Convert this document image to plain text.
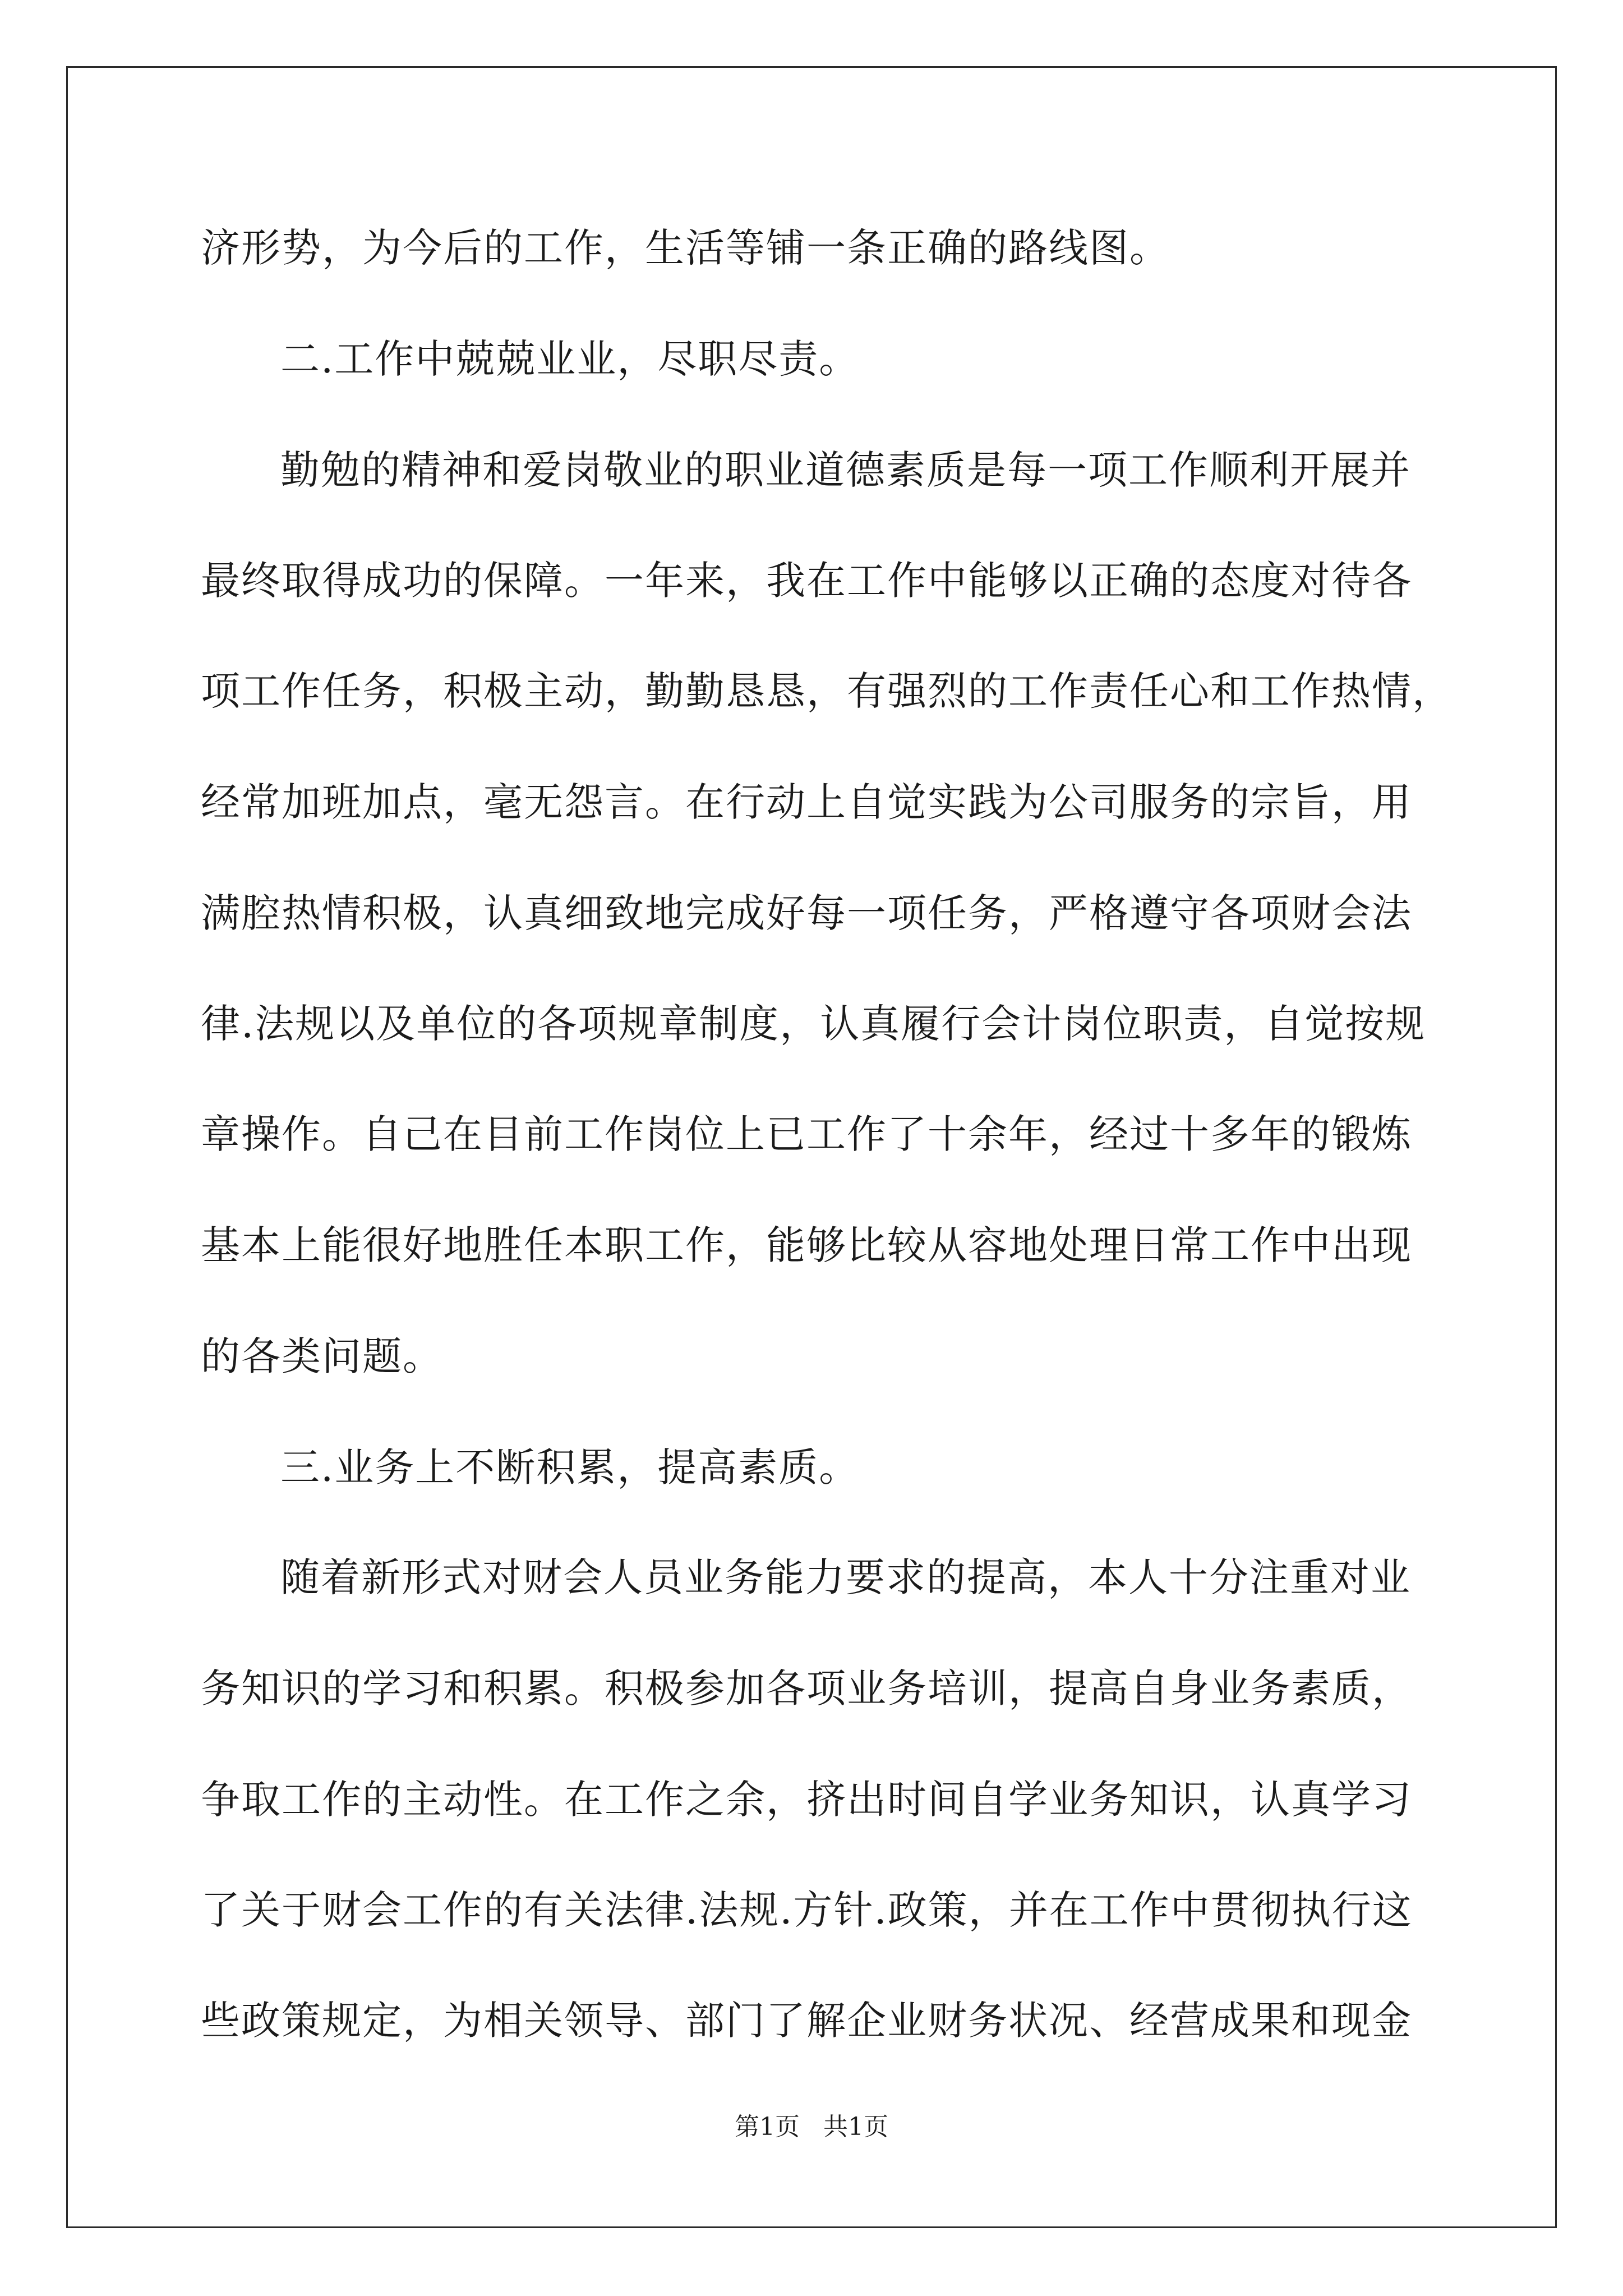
济形势，为今后的工作，生活等铺一条正确的路线图。
二.工作中兢兢业业，尽职尽责。
勤勉的精神和爱岗敬业的职业道德素质是每一项工作顺利开展并
最终取得成功的保障。一年来，我在工作中能够以正确的态度对待各
项工作任务，积极主动，勤勤恳恳，有强烈的工作责任心和工作热情，
经常加班加点，毫无怨言。在行动上自觉实践为公司服务的宗旨，用
满腔热情积极，认真细致地完成好每一项任务，严格遵守各项财会法
律.法规以及单位的各项规章制度，认真履行会计岗位职责，自觉按规
章操作。自己在目前工作岗位上已工作了十余年，经过十多年的锻炼
基本上能很好地胜任本职工作，能够比较从容地处理日常工作中出现
的各类问题。
三.业务上不断积累，提高素质。
随着新形式对财会人员业务能力要求的提高，本人十分注重对业
务知识的学习和积累。积极参加各项业务培训，提高自身业务素质，
争取工作的主动性。在工作之余，挤出时间自学业务知识，认真学习
了关于财会工作的有关法律.法规.方针.政策，并在工作中贯彻执行这
些政策规定，为相关领导、部门了解企业财务状况、经营成果和现金
第1页   共1页
